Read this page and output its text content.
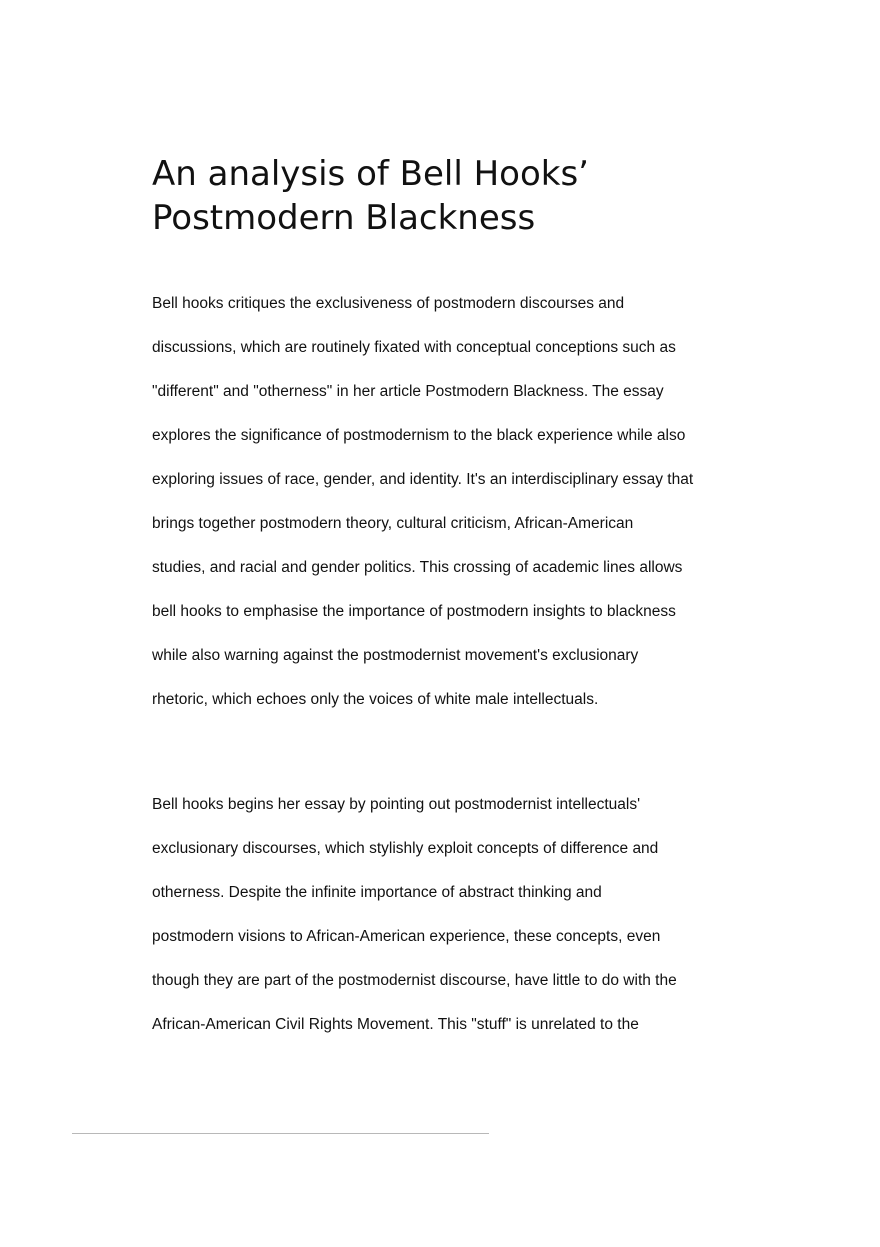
An analysis of Bell Hooks’
Postmodern Blackness

Bell hooks critiques the exclusiveness of postmodern discourses and
discussions, which are routinely fixated with conceptual conceptions such as
"different" and "otherness" in her article Postmodern Blackness. The essay
explores the significance of postmodernism to the black experience while also
exploring issues of race, gender, and identity. It's an interdisciplinary essay that
brings together postmodern theory, cultural criticism, African-American
studies, and racial and gender politics. This crossing of academic lines allows
bell hooks to emphasise the importance of postmodern insights to blackness
while also warning against the postmodernist movement's exclusionary
rhetoric, which echoes only the voices of white male intellectuals.

Bell hooks begins her essay by pointing out postmodernist intellectuals'
exclusionary discourses, which stylishly exploit concepts of difference and
otherness. Despite the infinite importance of abstract thinking and
postmodern visions to African-American experience, these concepts, even
though they are part of the postmodernist discourse, have little to do with the
African-American Civil Rights Movement. This "stuff" is unrelated to the
